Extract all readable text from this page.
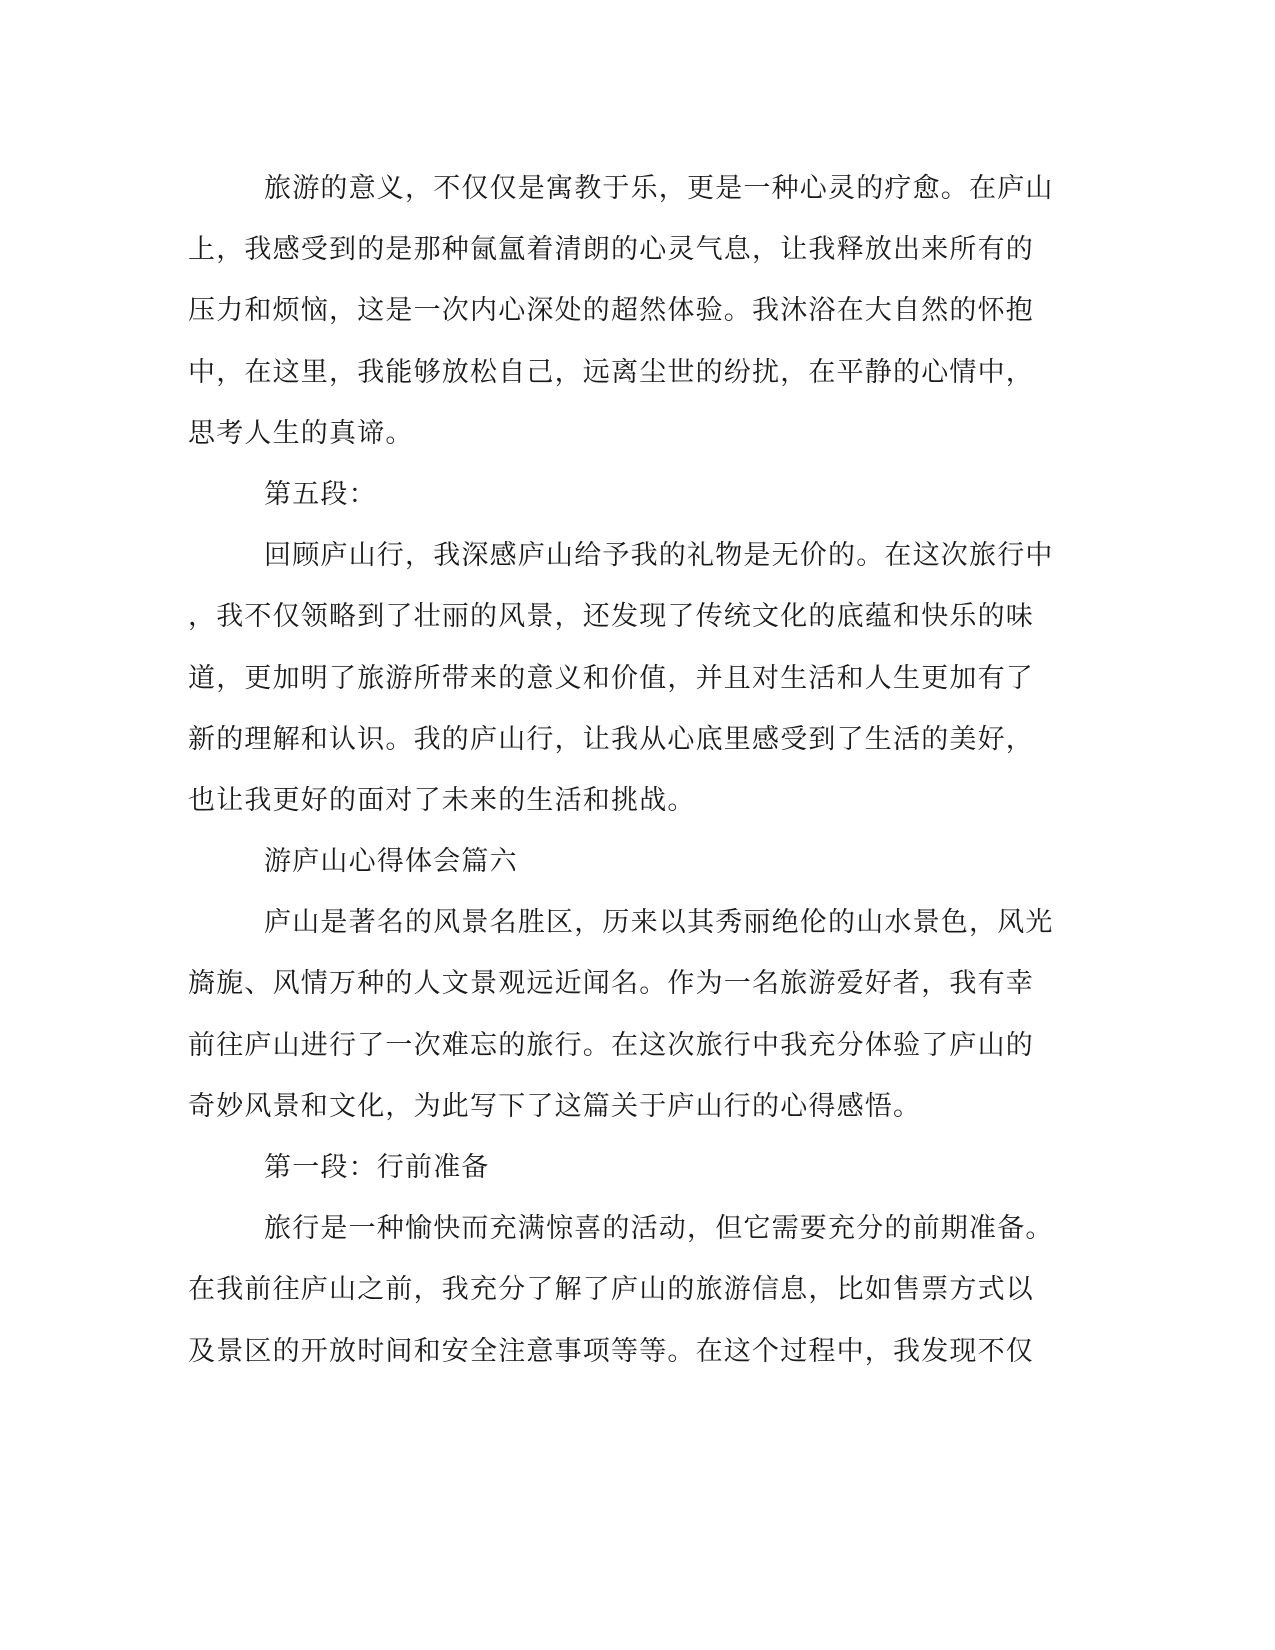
旅游的意义，不仅仅是寓教于乐，更是一种心灵的疗愈。在庐山
上，我感受到的是那种氤氲着清朗的心灵气息，让我释放出来所有的
压力和烦恼，这是一次内心深处的超然体验。我沐浴在大自然的怀抱
中，在这里，我能够放松自己，远离尘世的纷扰，在平静的心情中，
思考人生的真谛。
第五段：
回顾庐山行，我深感庐山给予我的礼物是无价的。在这次旅行中
，我不仅领略到了壮丽的风景，还发现了传统文化的底蕴和快乐的味
道，更加明了旅游所带来的意义和价值，并且对生活和人生更加有了
新的理解和认识。我的庐山行，让我从心底里感受到了生活的美好，
也让我更好的面对了未来的生活和挑战。
游庐山心得体会篇六
庐山是著名的风景名胜区，历来以其秀丽绝伦的山水景色，风光
旖旎、风情万种的人文景观远近闻名。作为一名旅游爱好者，我有幸
前往庐山进行了一次难忘的旅行。在这次旅行中我充分体验了庐山的
奇妙风景和文化，为此写下了这篇关于庐山行的心得感悟。
第一段：行前准备
旅行是一种愉快而充满惊喜的活动，但它需要充分的前期准备。
在我前往庐山之前，我充分了解了庐山的旅游信息，比如售票方式以
及景区的开放时间和安全注意事项等等。在这个过程中，我发现不仅
